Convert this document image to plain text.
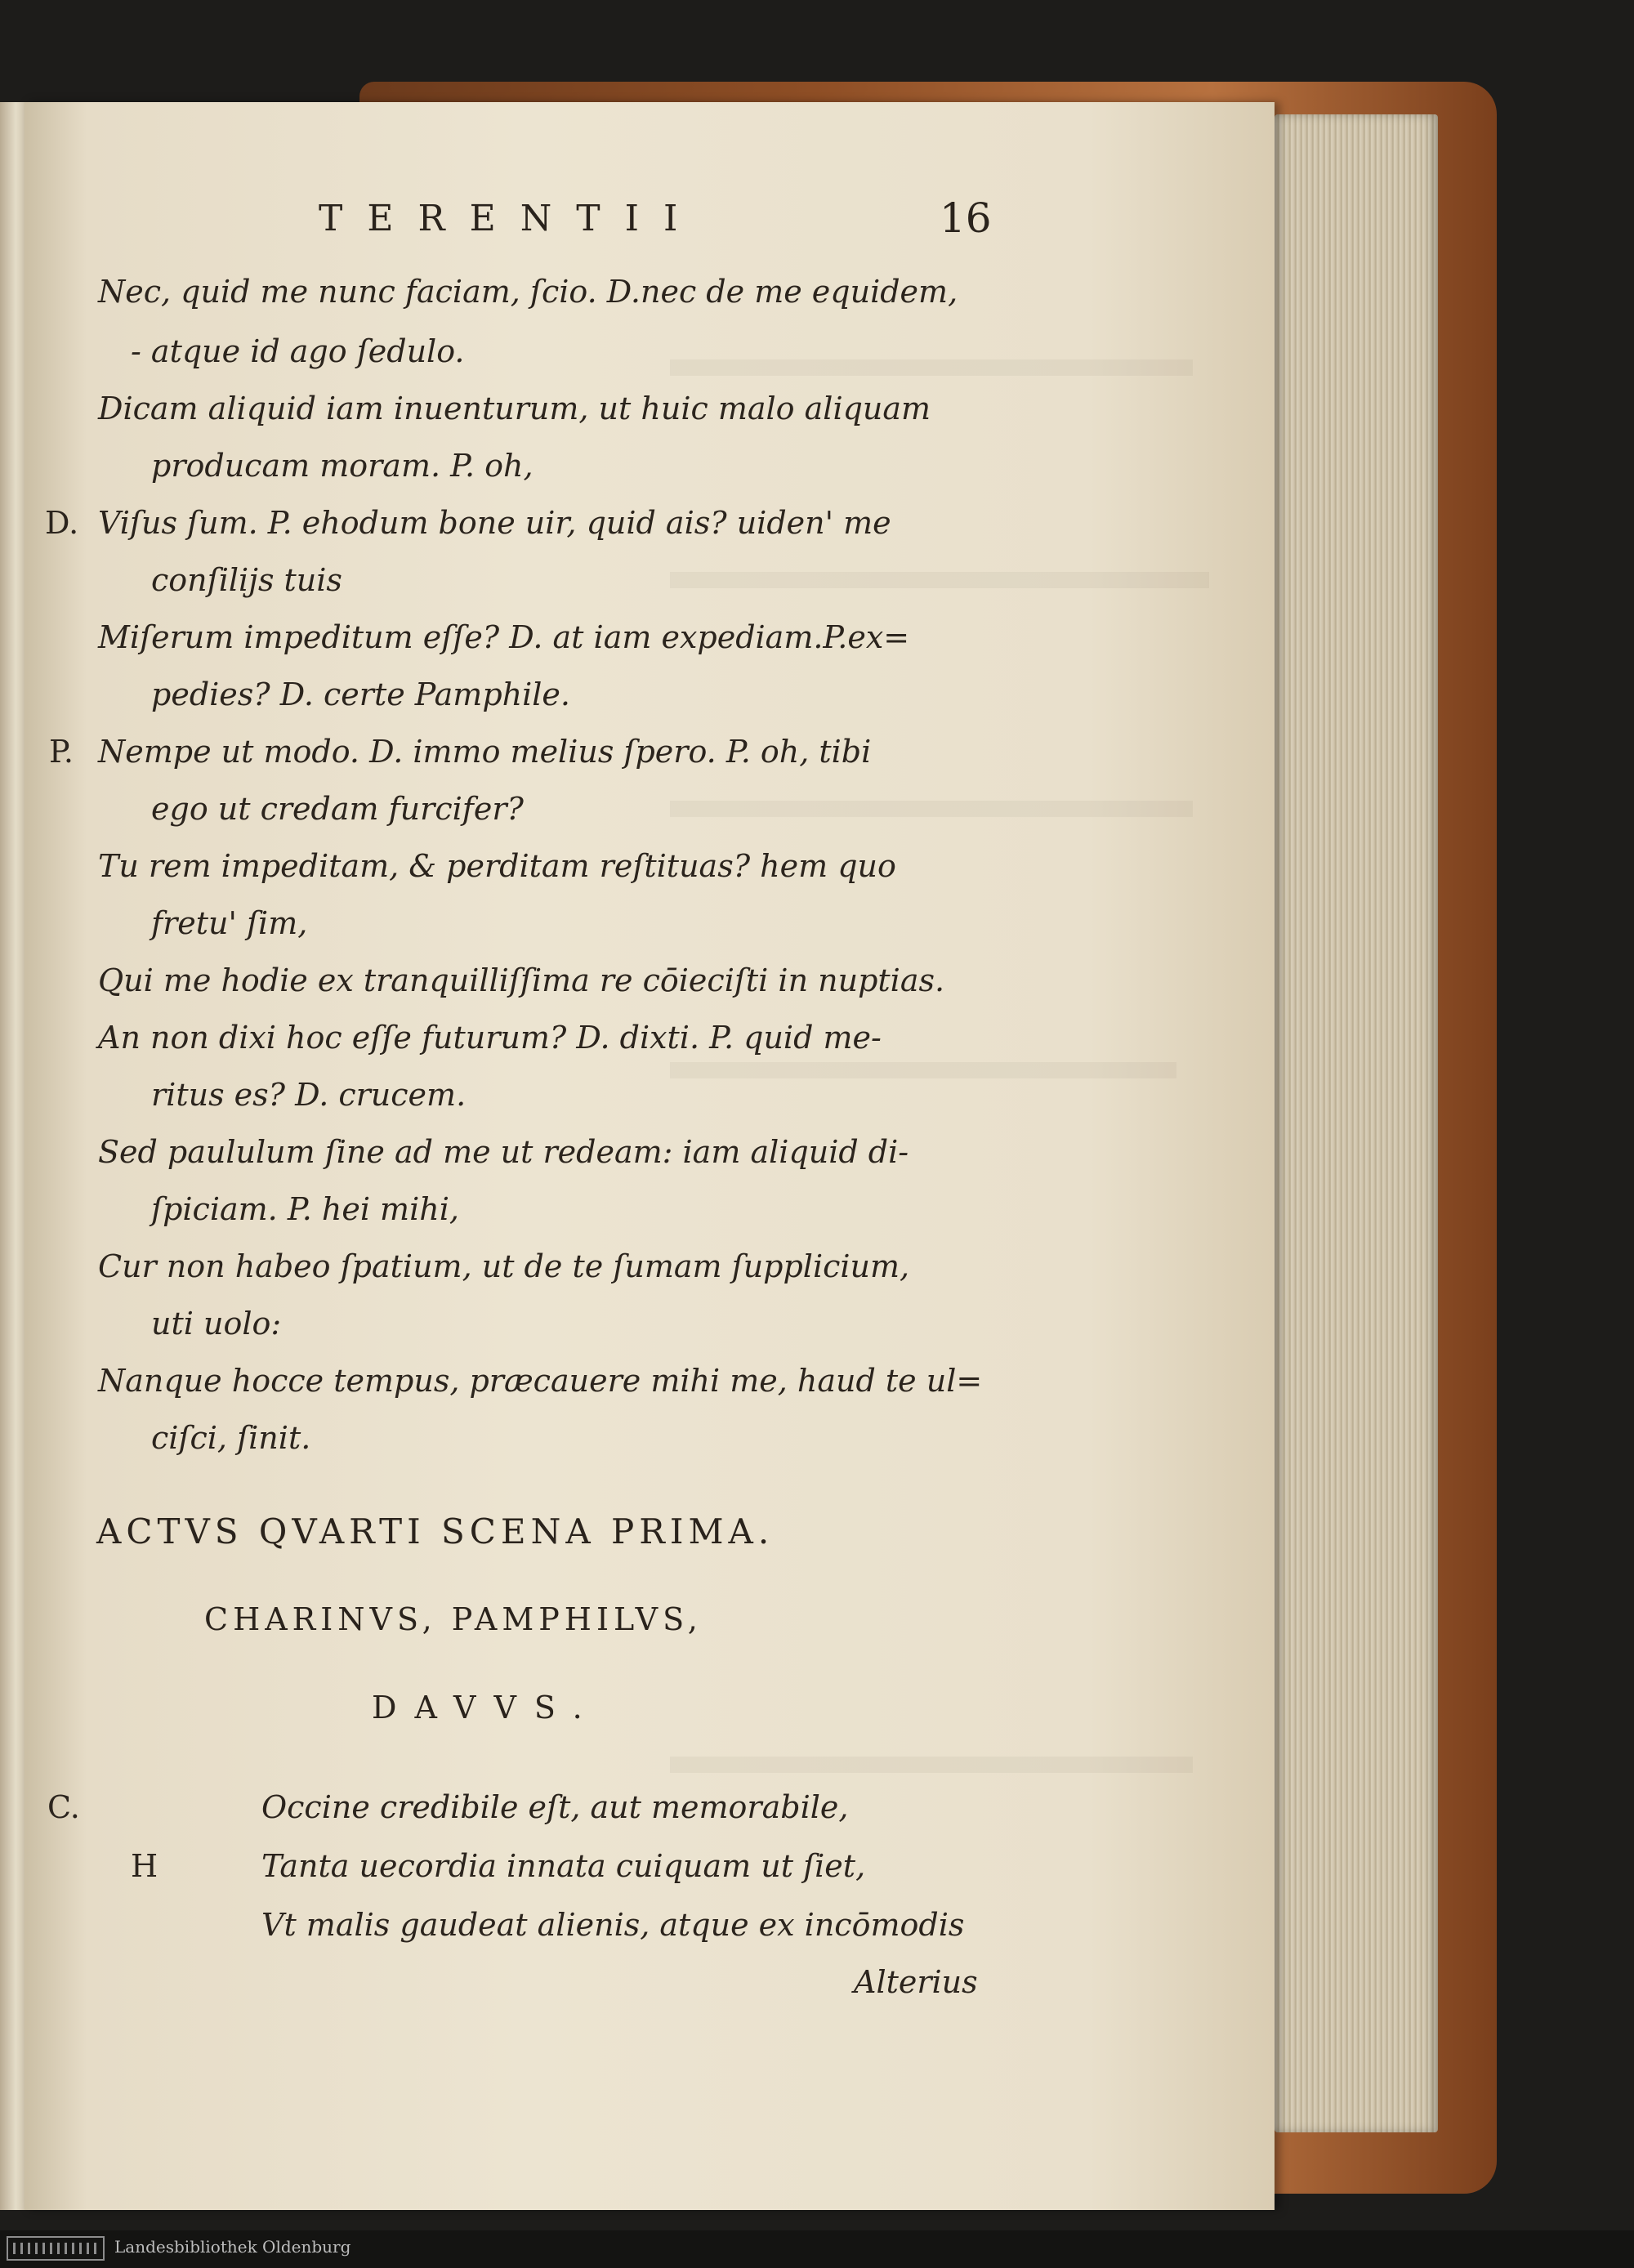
TERENTII	16
Nec, quid me nunc faciam, ſcio. D.nec de me equidem,
- atque id ago ſedulo.
Dicam aliquid iam inuenturum, ut huic malo aliquam
producam moram. P. oh,
D. Viſus ſum. P. ehodum bone uir, quid ais? uiden' me
conſilijs tuis
Miſerum impeditum eſſe? D. at iam expediam.P.ex=
pedies? D. certe Pamphile.
P. Nempe ut modo. D. immo melius ſpero. P. oh, tibi
ego ut credam furcifer?
Tu rem impeditam, & perditam reſtituas? hem quo
fretu' ſim,
Qui me hodie ex tranquilliſſima re cōieciſti in nuptias.
An non dixi hoc eſſe futurum? D. dixti. P. quid me-
ritus es? D. crucem.
Sed paululum ſine ad me ut redeam: iam aliquid di-
ſpiciam. P. hei mihi,
Cur non habeo ſpatium, ut de te ſumam ſupplicium,
uti uolo:
Nanque hocce tempus, præcauere mihi me, haud te ul=
ciſci, ſinit.
ACTVS QVARTI SCENA PRIMA.
CHARINVS, PAMPHILVS,
DAVVS.
C.	Occine credibile eſt, aut memorabile,
H	Tanta uecordia innata cuiquam ut ſiet,
Vt malis gaudeat alienis, atque ex incōmodis
Alterius
Landesbibliothek Oldenburg
